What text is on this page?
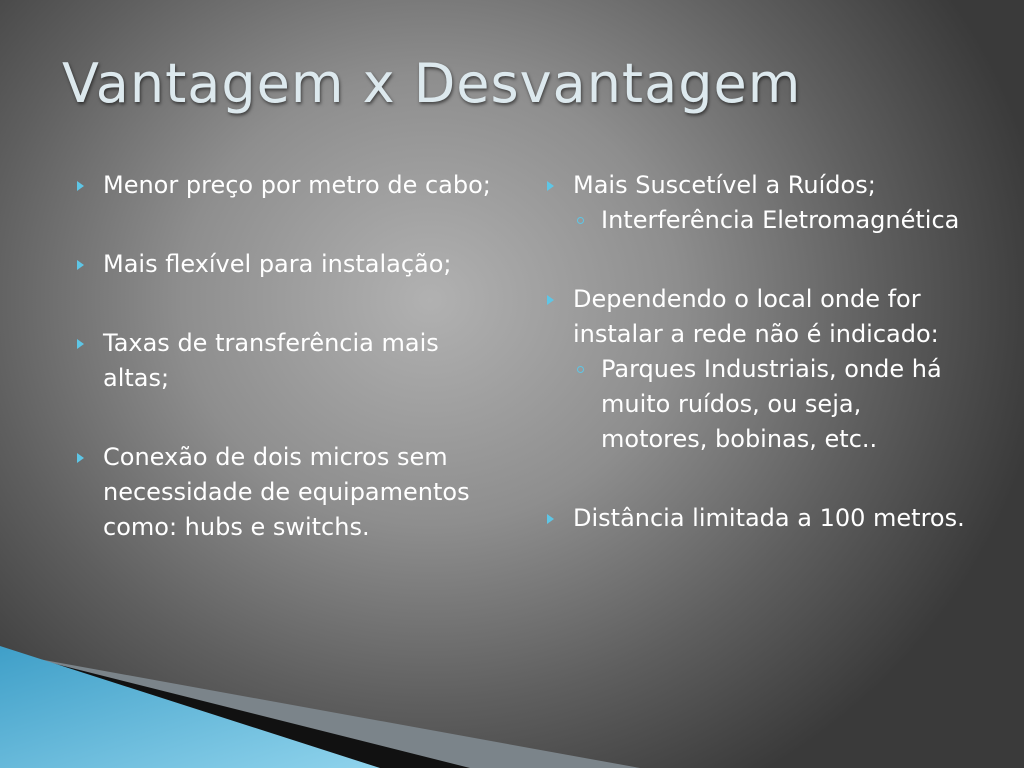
Vantagem x Desvantagem
Menor preço por metro de cabo;
Mais flexível para instalação;
Taxas de transferência mais altas;
Conexão de dois micros sem necessidade de equipamentos como: hubs e switchs.
Mais Suscetível a Ruídos;
Interferência Eletromagnética
Dependendo o local onde for instalar a rede não é indicado:
Parques Industriais, onde há muito ruídos, ou seja, motores, bobinas, etc..
Distância limitada a 100 metros.
